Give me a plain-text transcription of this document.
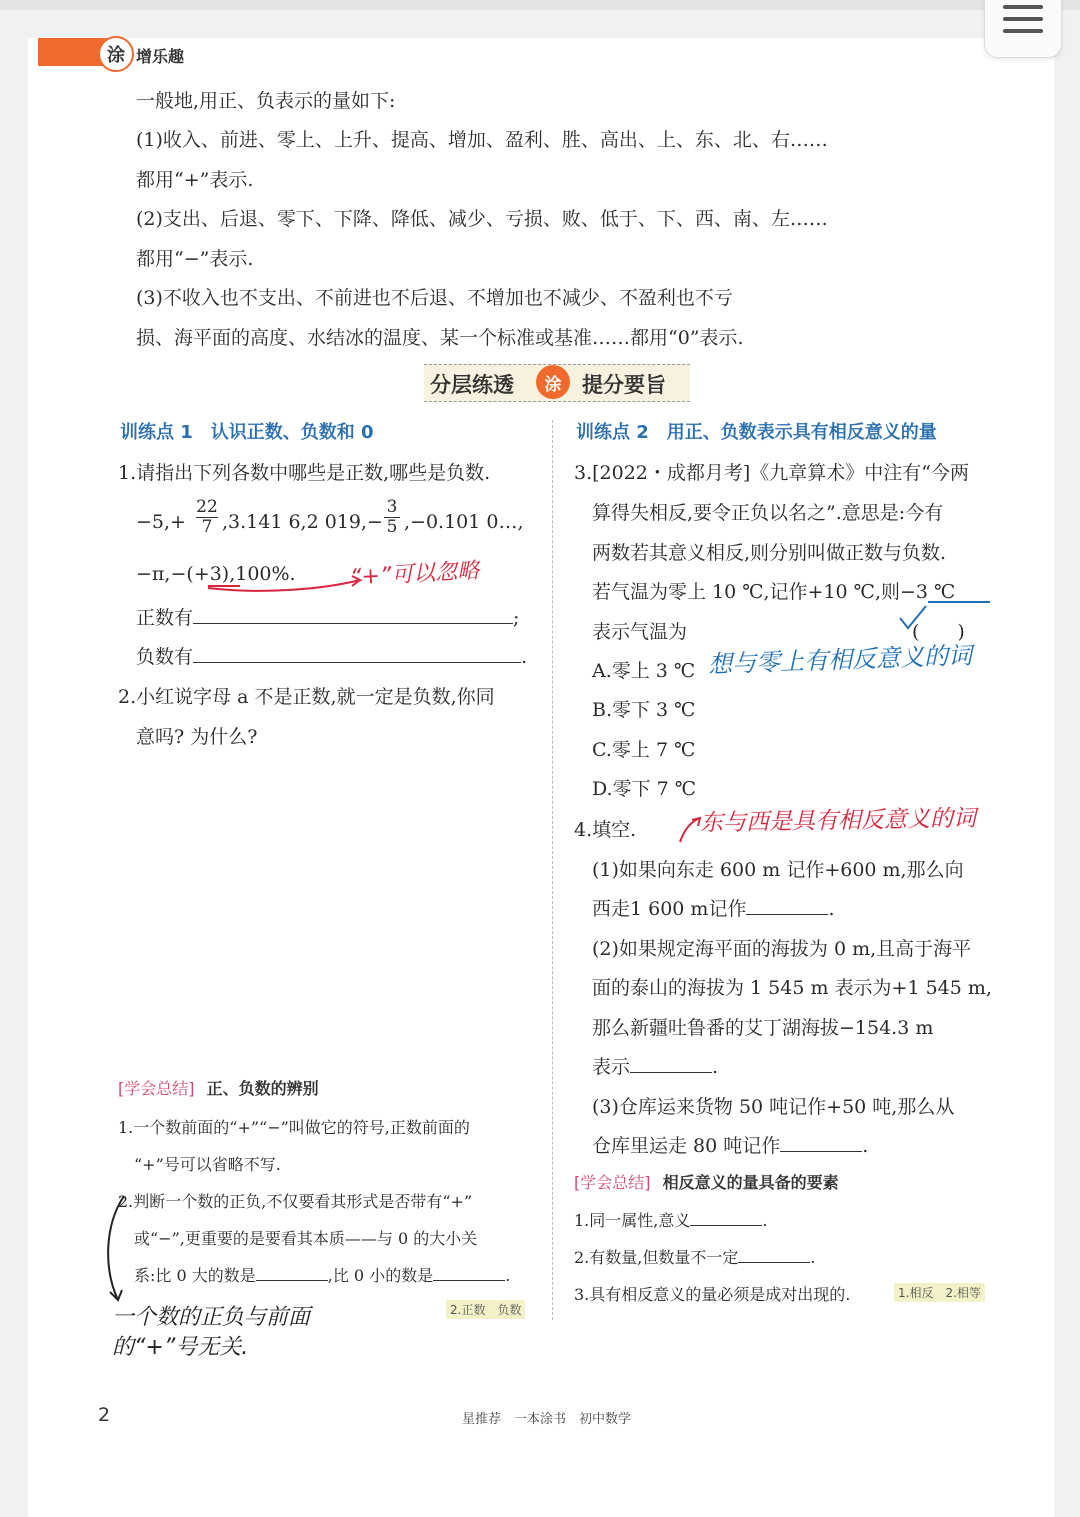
涂 增乐趣

一般地,用正、负表示的量如下:

(1)收入、前进、零上、上升、提高、增加、盈利、胜、高出、上、东、北、右……

都用“+”表示.

(2)支出、后退、零下、下降、降低、减少、亏损、败、低于、下、西、南、左……

都用“−”表示.

(3)不收入也不支出、不前进也不后退、不增加也不减少、不盈利也不亏

损、海平面的高度、水结冰的温度、某一个标准或基准……都用“0”表示.

分层练透	涂 提分要旨

训练点 1　认识正数、负数和 0

1.请指出下列各数中哪些是正数,哪些是负数.

$-5,+ \frac{22}{7} ,3.141$ 6,2 $019,- \frac{3}{5} ,-0.101$ 0…,

−π,−(+3),100%.

正数有	;

负数有	.

2.小红说字母 a 不是正数,就一定是负数,你同

意吗? 为什么?

[学会总结] 正、负数的辨别

1.一个数前面的“+”“−”叫做它的符号,正数前面的

“+”号可以省略不写.

2.判断一个数的正负,不仅要看其形式是否带有“+”

或“−”,更重要的是要看其本质——与 0 的大小关

系:比 0 大的数是	,比 0 小的数是	.

2.正数　负数

训练点 2　用正、负数表示具有相反意义的量

3.[2022・成都月考]《九章算术》中注有“今两

算得失相反,要令正负以名之”.意思是:今有

两数若其意义相反,则分别叫做正数与负数.

若气温为零上 10 ℃,记作+10 ℃,则−3 ℃

表示气温为	(　　)

A.零上 3 ℃

B.零下 3 ℃

C.零上 7 ℃

D.零下 7 ℃

4.填空.

(1)如果向东走 600 m 记作+600 m,那么向

西走1 600 m记作	.

(2)如果规定海平面的海拔为 0 m,且高于海平

面的泰山的海拔为 1 545 m 表示为+1 545 m,

那么新疆吐鲁番的艾丁湖海拔−154.3 m

表示	.

(3)仓库运来货物 50 吨记作+50 吨,那么从

仓库里运走 80 吨记作	.

[学会总结] 相反意义的量具备的要素

1.同一属性,意义	.

2.有数量,但数量不一定	.

3.具有相反意义的量必须是成对出现的.	1.相反　2.相等
“+”可以忽略
想与零上有相反意义的词
东与西是具有相反意义的词
一个数的正负与前面
的“+”号无关.
2	星推荐　一本涂书　初中数学
